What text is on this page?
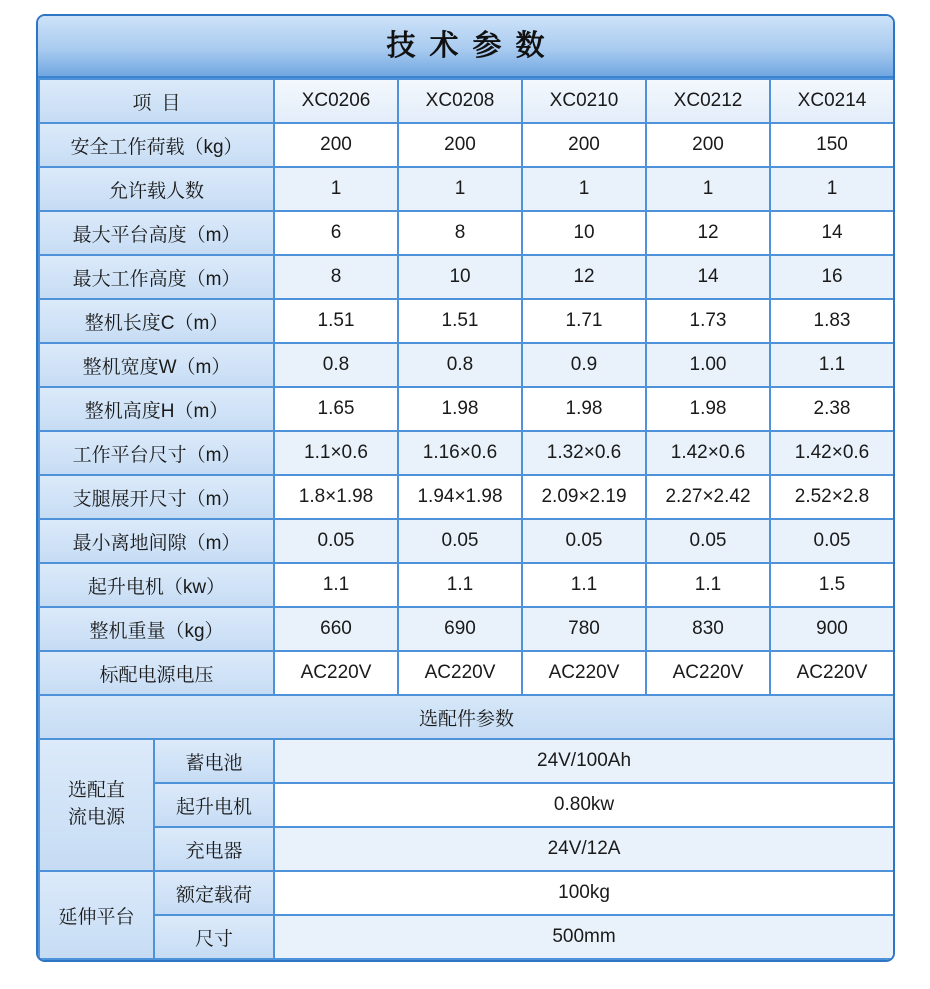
技术参数
项目		XC0206	XC0208	XC0210	XC0212	XC0214
安全工作荷载（kg）		200	200	200	200	150
允许载人数		1	1	1	1	1
最大平台高度（m）		6	8	10	12	14
最大工作高度（m）		8	10	12	14	16
整机长度C（m）		1.51	1.51	1.71	1.73	1.83
整机宽度W（m）		0.8	0.8	0.9	1.00	1.1
整机高度H（m）		1.65	1.98	1.98	1.98	2.38
工作平台尺寸（m）		1.1×0.6	1.16×0.6	1.32×0.6	1.42×0.6	1.42×0.6
支腿展开尺寸（m）		1.8×1.98	1.94×1.98	2.09×2.19	2.27×2.42	2.52×2.8
最小离地间隙（m）		0.05	0.05	0.05	0.05	0.05
起升电机（kw）		1.1	1.1	1.1	1.1	1.5
整机重量（kg）		660	690	780	830	900
标配电源电压		AC220V	AC220V	AC220V	AC220V	AC220V
选配件参数						
选配直流电源	蓄电池	24V/100Ah				
	起升电机	0.80kw				
	充电器	24V/12A				
延伸平台	额定载荷	100kg				
	尺寸	500mm				
